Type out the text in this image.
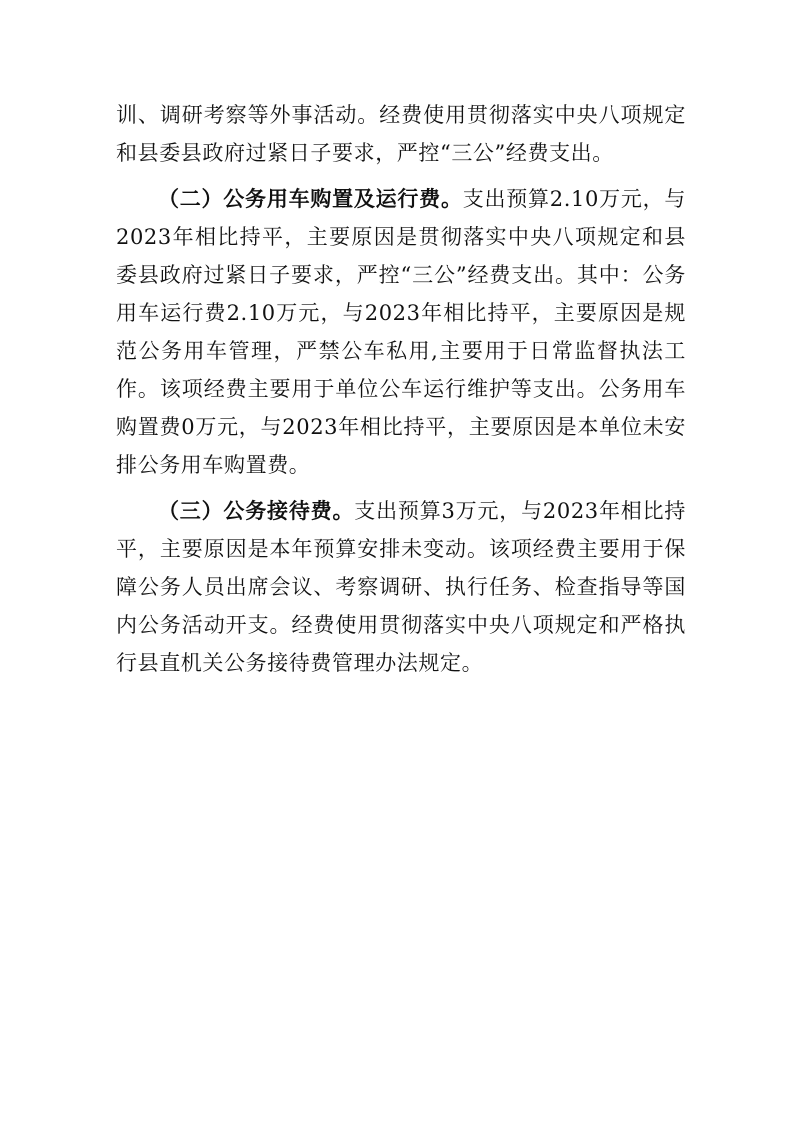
训、调研考察等外事活动。经费使用贯彻落实中央八项规定和县委县政府过紧日子要求，严控“三公”经费支出。

（二）公务用车购置及运行费。支出预算2.10万元，与2023年相比持平，主要原因是贯彻落实中央八项规定和县委县政府过紧日子要求，严控“三公”经费支出。其中：公务用车运行费2.10万元，与2023年相比持平，主要原因是规范公务用车管理，严禁公车私用,主要用于日常监督执法工作。该项经费主要用于单位公车运行维护等支出。公务用车购置费0万元，与2023年相比持平，主要原因是本单位未安排公务用车购置费。

（三）公务接待费。支出预算3万元，与2023年相比持平，主要原因是本年预算安排未变动。该项经费主要用于保障公务人员出席会议、考察调研、执行任务、检查指导等国内公务活动开支。经费使用贯彻落实中央八项规定和严格执行县直机关公务接待费管理办法规定。
